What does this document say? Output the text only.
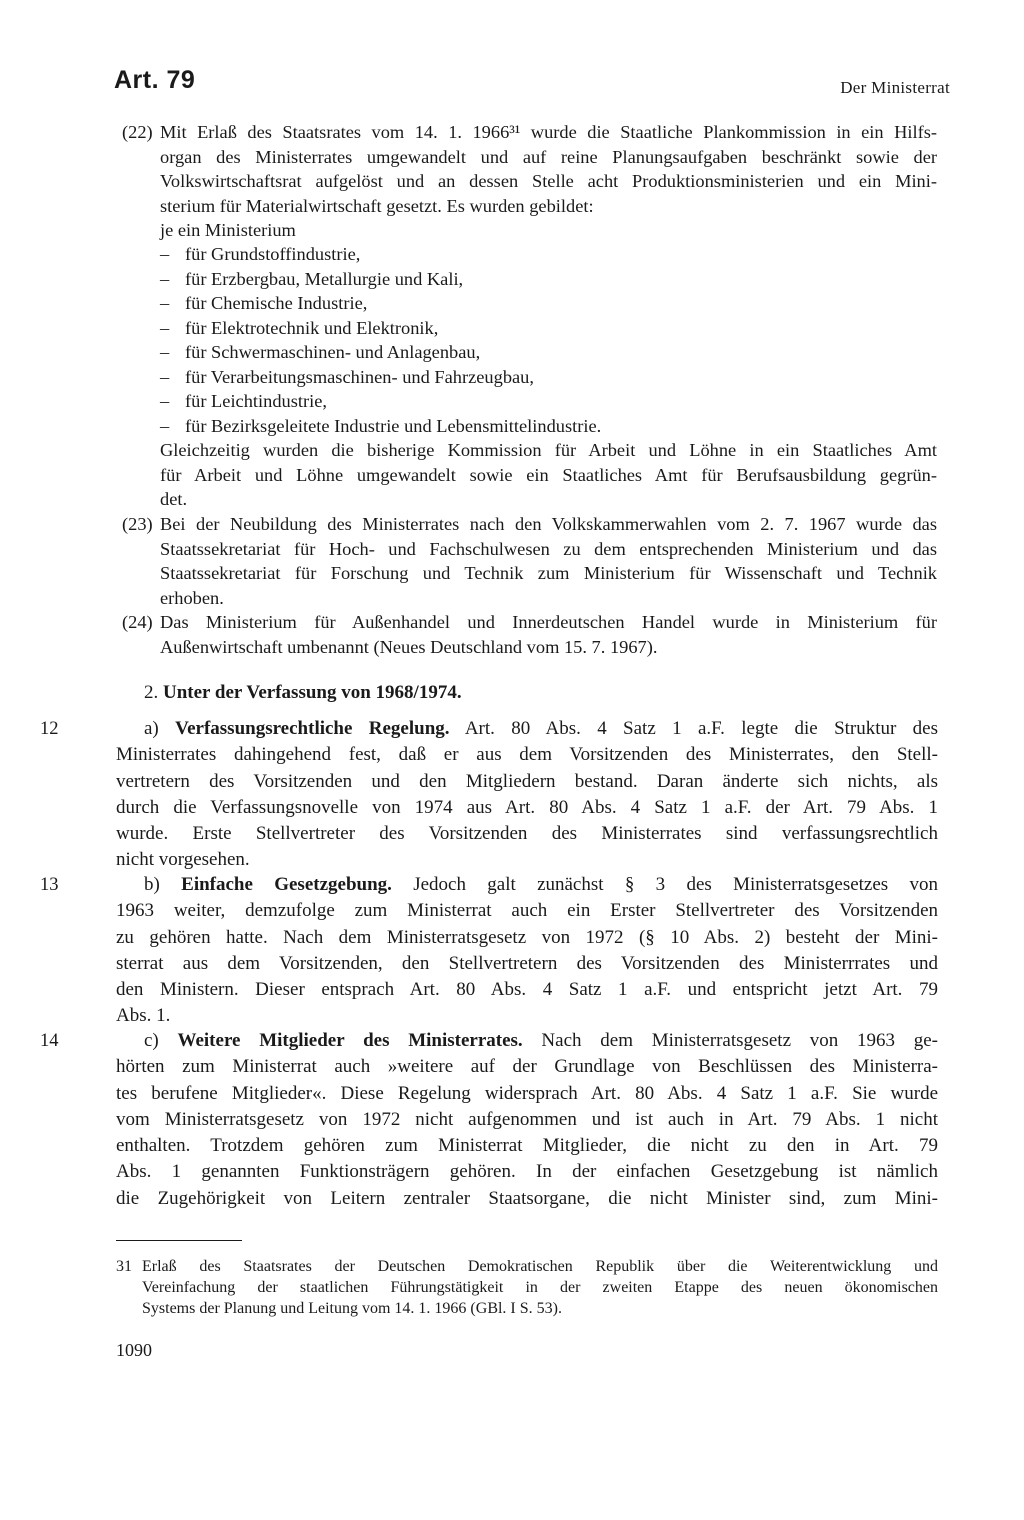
Art. 79	Der Ministerrat
(22) Mit Erlaß des Staatsrates vom 14. 1. 1966³¹ wurde die Staatliche Plankommission in ein Hilfs-
organ des Ministerrates umgewandelt und auf reine Planungsaufgaben beschränkt sowie der
Volkswirtschaftsrat aufgelöst und an dessen Stelle acht Produktionsministerien und ein Mini-
sterium für Materialwirtschaft gesetzt. Es wurden gebildet:
je ein Ministerium
– für Grundstoffindustrie,
– für Erzbergbau, Metallurgie und Kali,
– für Chemische Industrie,
– für Elektrotechnik und Elektronik,
– für Schwermaschinen- und Anlagenbau,
– für Verarbeitungsmaschinen- und Fahrzeugbau,
– für Leichtindustrie,
– für Bezirksgeleitete Industrie und Lebensmittelindustrie.
Gleichzeitig wurden die bisherige Kommission für Arbeit und Löhne in ein Staatliches Amt
für Arbeit und Löhne umgewandelt sowie ein Staatliches Amt für Berufsausbildung gegrün-
det.
(23) Bei der Neubildung des Ministerrates nach den Volkskammerwahlen vom 2. 7. 1967 wurde das
Staatssekretariat für Hoch- und Fachschulwesen zu dem entsprechenden Ministerium und das
Staatssekretariat für Forschung und Technik zum Ministerium für Wissenschaft und Technik
erhoben.
(24) Das Ministerium für Außenhandel und Innerdeutschen Handel wurde in Ministerium für
Außenwirtschaft umbenannt (Neues Deutschland vom 15. 7. 1967).
2. Unter der Verfassung von 1968/1974.
12	a) Verfassungsrechtliche Regelung. Art. 80 Abs. 4 Satz 1 a.F. legte die Struktur des
Ministerrates dahingehend fest, daß er aus dem Vorsitzenden des Ministerrates, den Stell-
vertretern des Vorsitzenden und den Mitgliedern bestand. Daran änderte sich nichts, als
durch die Verfassungsnovelle von 1974 aus Art. 80 Abs. 4 Satz 1 a.F. der Art. 79 Abs. 1
wurde. Erste Stellvertreter des Vorsitzenden des Ministerrates sind verfassungsrechtlich
nicht vorgesehen.
13	b) Einfache Gesetzgebung. Jedoch galt zunächst § 3 des Ministerratsgesetzes von
1963 weiter, demzufolge zum Ministerrat auch ein Erster Stellvertreter des Vorsitzenden
zu gehören hatte. Nach dem Ministerratsgesetz von 1972 (§ 10 Abs. 2) besteht der Mini-
sterrat aus dem Vorsitzenden, den Stellvertretern des Vorsitzenden des Ministerrrates und
den Ministern. Dieser entsprach Art. 80 Abs. 4 Satz 1 a.F. und entspricht jetzt Art. 79
Abs. 1.
14	c) Weitere Mitglieder des Ministerrates. Nach dem Ministerratsgesetz von 1963 ge-
hörten zum Ministerrat auch »weitere auf der Grundlage von Beschlüssen des Ministerra-
tes berufene Mitglieder«. Diese Regelung widersprach Art. 80 Abs. 4 Satz 1 a.F. Sie wurde
vom Ministerratsgesetz von 1972 nicht aufgenommen und ist auch in Art. 79 Abs. 1 nicht
enthalten. Trotzdem gehören zum Ministerrat Mitglieder, die nicht zu den in Art. 79
Abs. 1 genannten Funktionsträgern gehören. In der einfachen Gesetzgebung ist nämlich
die Zugehörigkeit von Leitern zentraler Staatsorgane, die nicht Minister sind, zum Mini-
31 Erlaß des Staatsrates der Deutschen Demokratischen Republik über die Weiterentwicklung und
Vereinfachung der staatlichen Führungstätigkeit in der zweiten Etappe des neuen ökonomischen
Systems der Planung und Leitung vom 14. 1. 1966 (GBl. I S. 53).
1090
